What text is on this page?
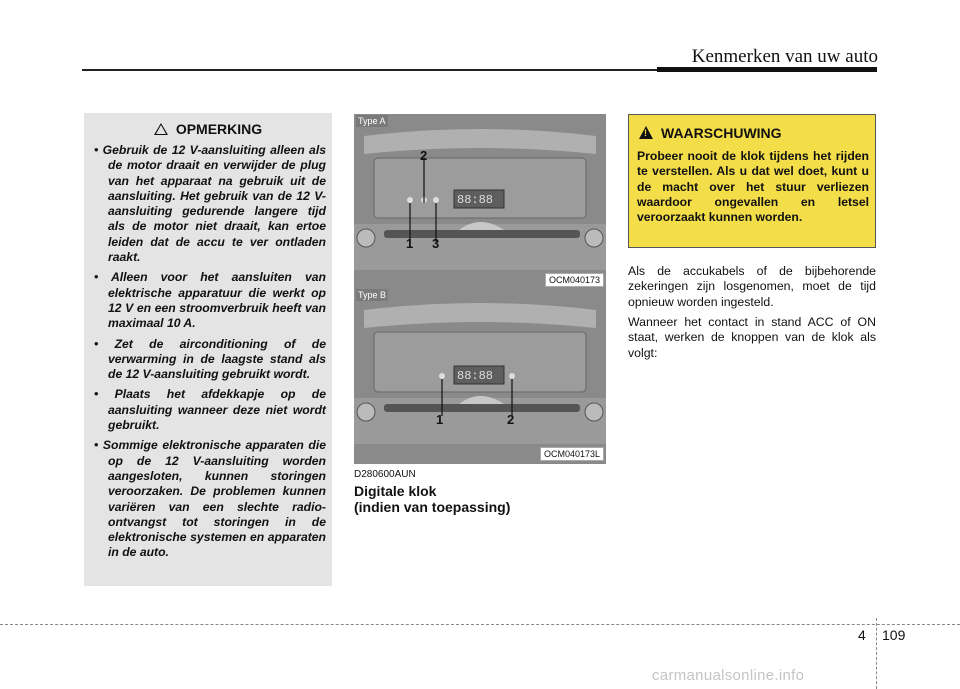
Kenmerken van uw auto
OPMERKING
• Gebruik de 12 V-aansluiting alleen als de motor draait en verwijder de plug van het apparaat na gebruik uit de aansluiting. Het gebruik van de 12 V-aansluiting gedurende langere tijd als de motor niet draait, kan ertoe leiden dat de accu te ver ontladen raakt.
• Alleen voor het aansluiten van elektrische apparatuur die werkt op 12 V en een stroomverbruik heeft van maximaal 10 A.
• Zet de airconditioning of de verwarming in de laagste stand als de 12 V-aansluiting gebruikt wordt.
• Plaats het afdekkapje op de aansluiting wanneer deze niet wordt gebruikt.
• Sommige elektronische apparaten die op de 12 V-aansluiting worden aangesloten, kunnen storingen veroorzaken. De problemen kunnen variëren van een slechte radio-ontvangst tot storingen in de elektronische systemen en apparaten in de auto.
2
1 3
88:88
Type A
OCM040173
1	2
88:88
Type B
OCM040173L
D280600AUN
Digitale klok
(indien van toepassing)
!WAARSCHUWING
Probeer nooit de klok tijdens het rijden te verstellen. Als u dat wel doet, kunt u de macht over het stuur verliezen waardoor ongevallen en letsel veroorzaakt kunnen worden.

Als de accukabels of de bijbehorende zekeringen zijn losgenomen, moet de tijd opnieuw worden ingesteld.

Wanneer het contact in stand ACC of ON staat, werken de knoppen van de klok als volgt:

4 109
carmanualsonline.info
